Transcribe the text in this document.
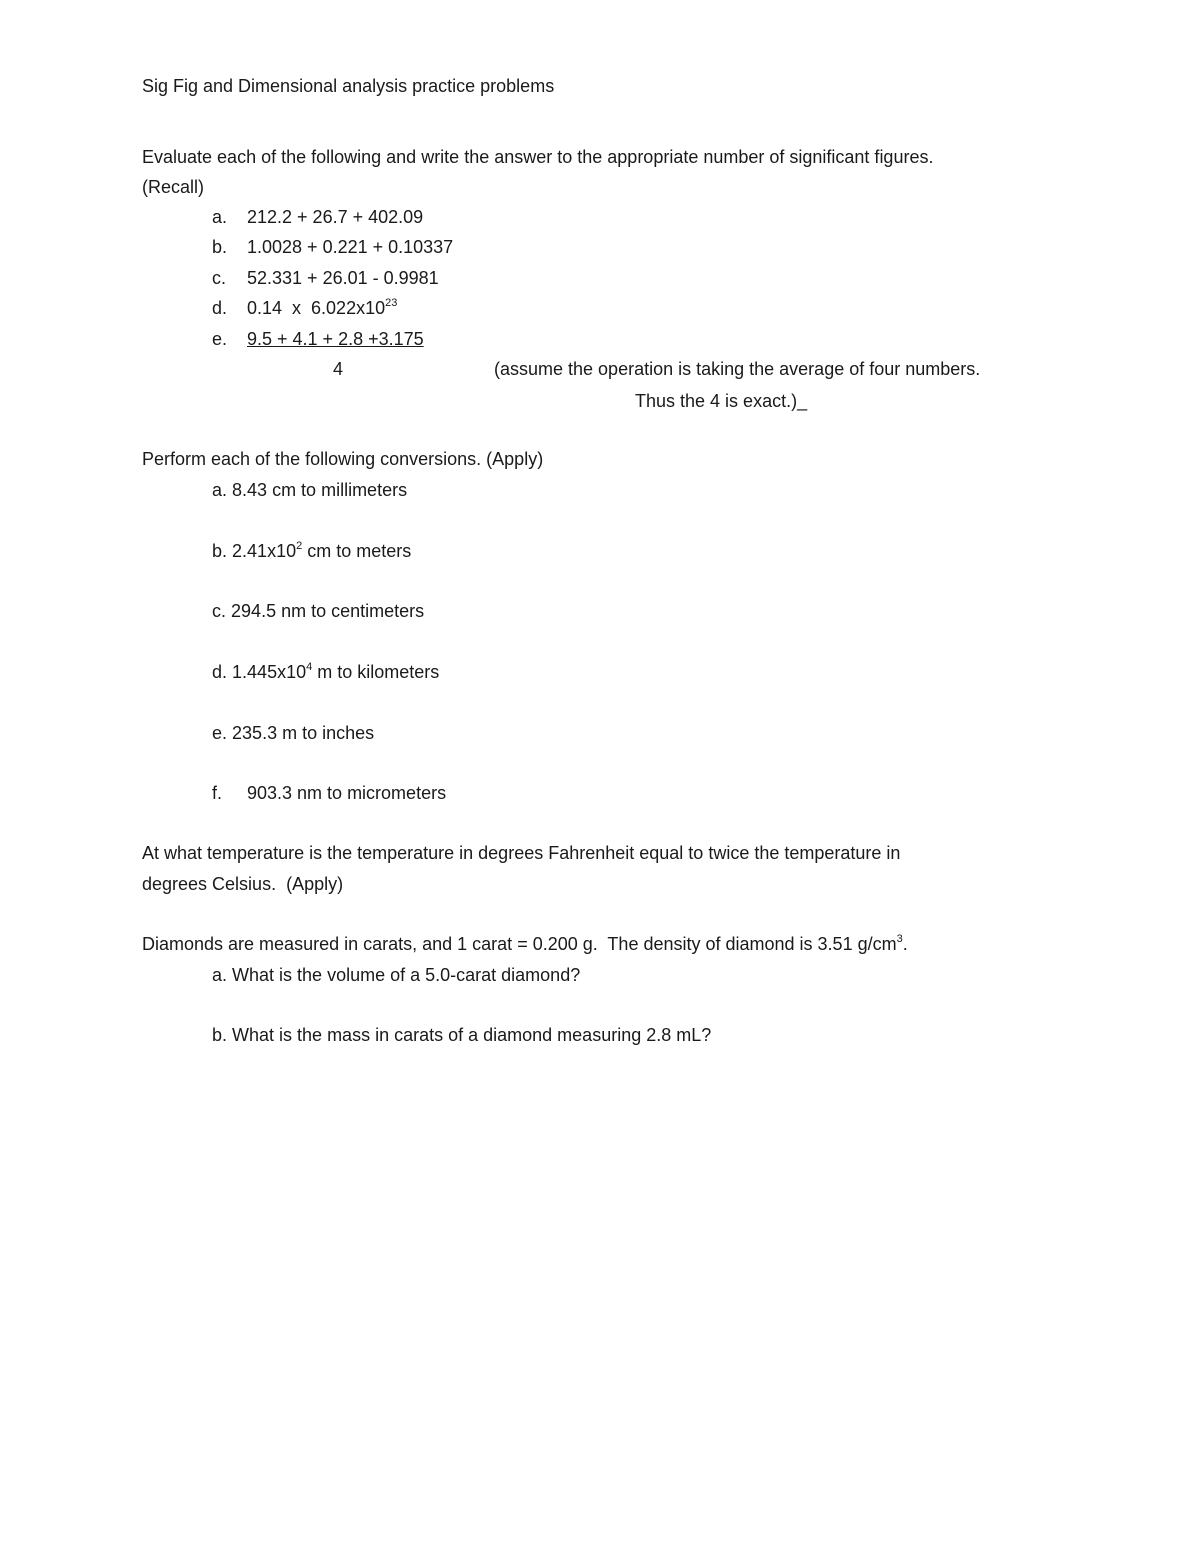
Sig Fig and Dimensional analysis practice problems
Evaluate each of the following and write the answer to the appropriate number of significant figures.
(Recall)
a. 212.2 + 26.7 + 402.09
b. 1.0028 + 0.221 + 0.10337
c. 52.331 + 26.01 - 0.9981
d. 0.14  x  $6.022x10^{23}$
e. 9.5 + 4.1 + 2.8 +3.175
4	(assume the operation is taking the average of four numbers.
Thus the 4 is exact.)_
Perform each of the following conversions. (Apply)
a. 8.43 cm to millimeters
b. $2.41x10^2$ cm to meters
c. 294.5 nm to centimeters
d. $1.445x10^4$ m to kilometers
e. 235.3 m to inches
f. 903.3 nm to micrometers
At what temperature is the temperature in degrees Fahrenheit equal to twice the temperature in
degrees Celsius.  (Apply)
Diamonds are measured in carats, and 1 carat = 0.200 g.  The density of diamond is 3.51 $g/cm^3$.
a. What is the volume of a 5.0-carat diamond?
b. What is the mass in carats of a diamond measuring 2.8 mL?
